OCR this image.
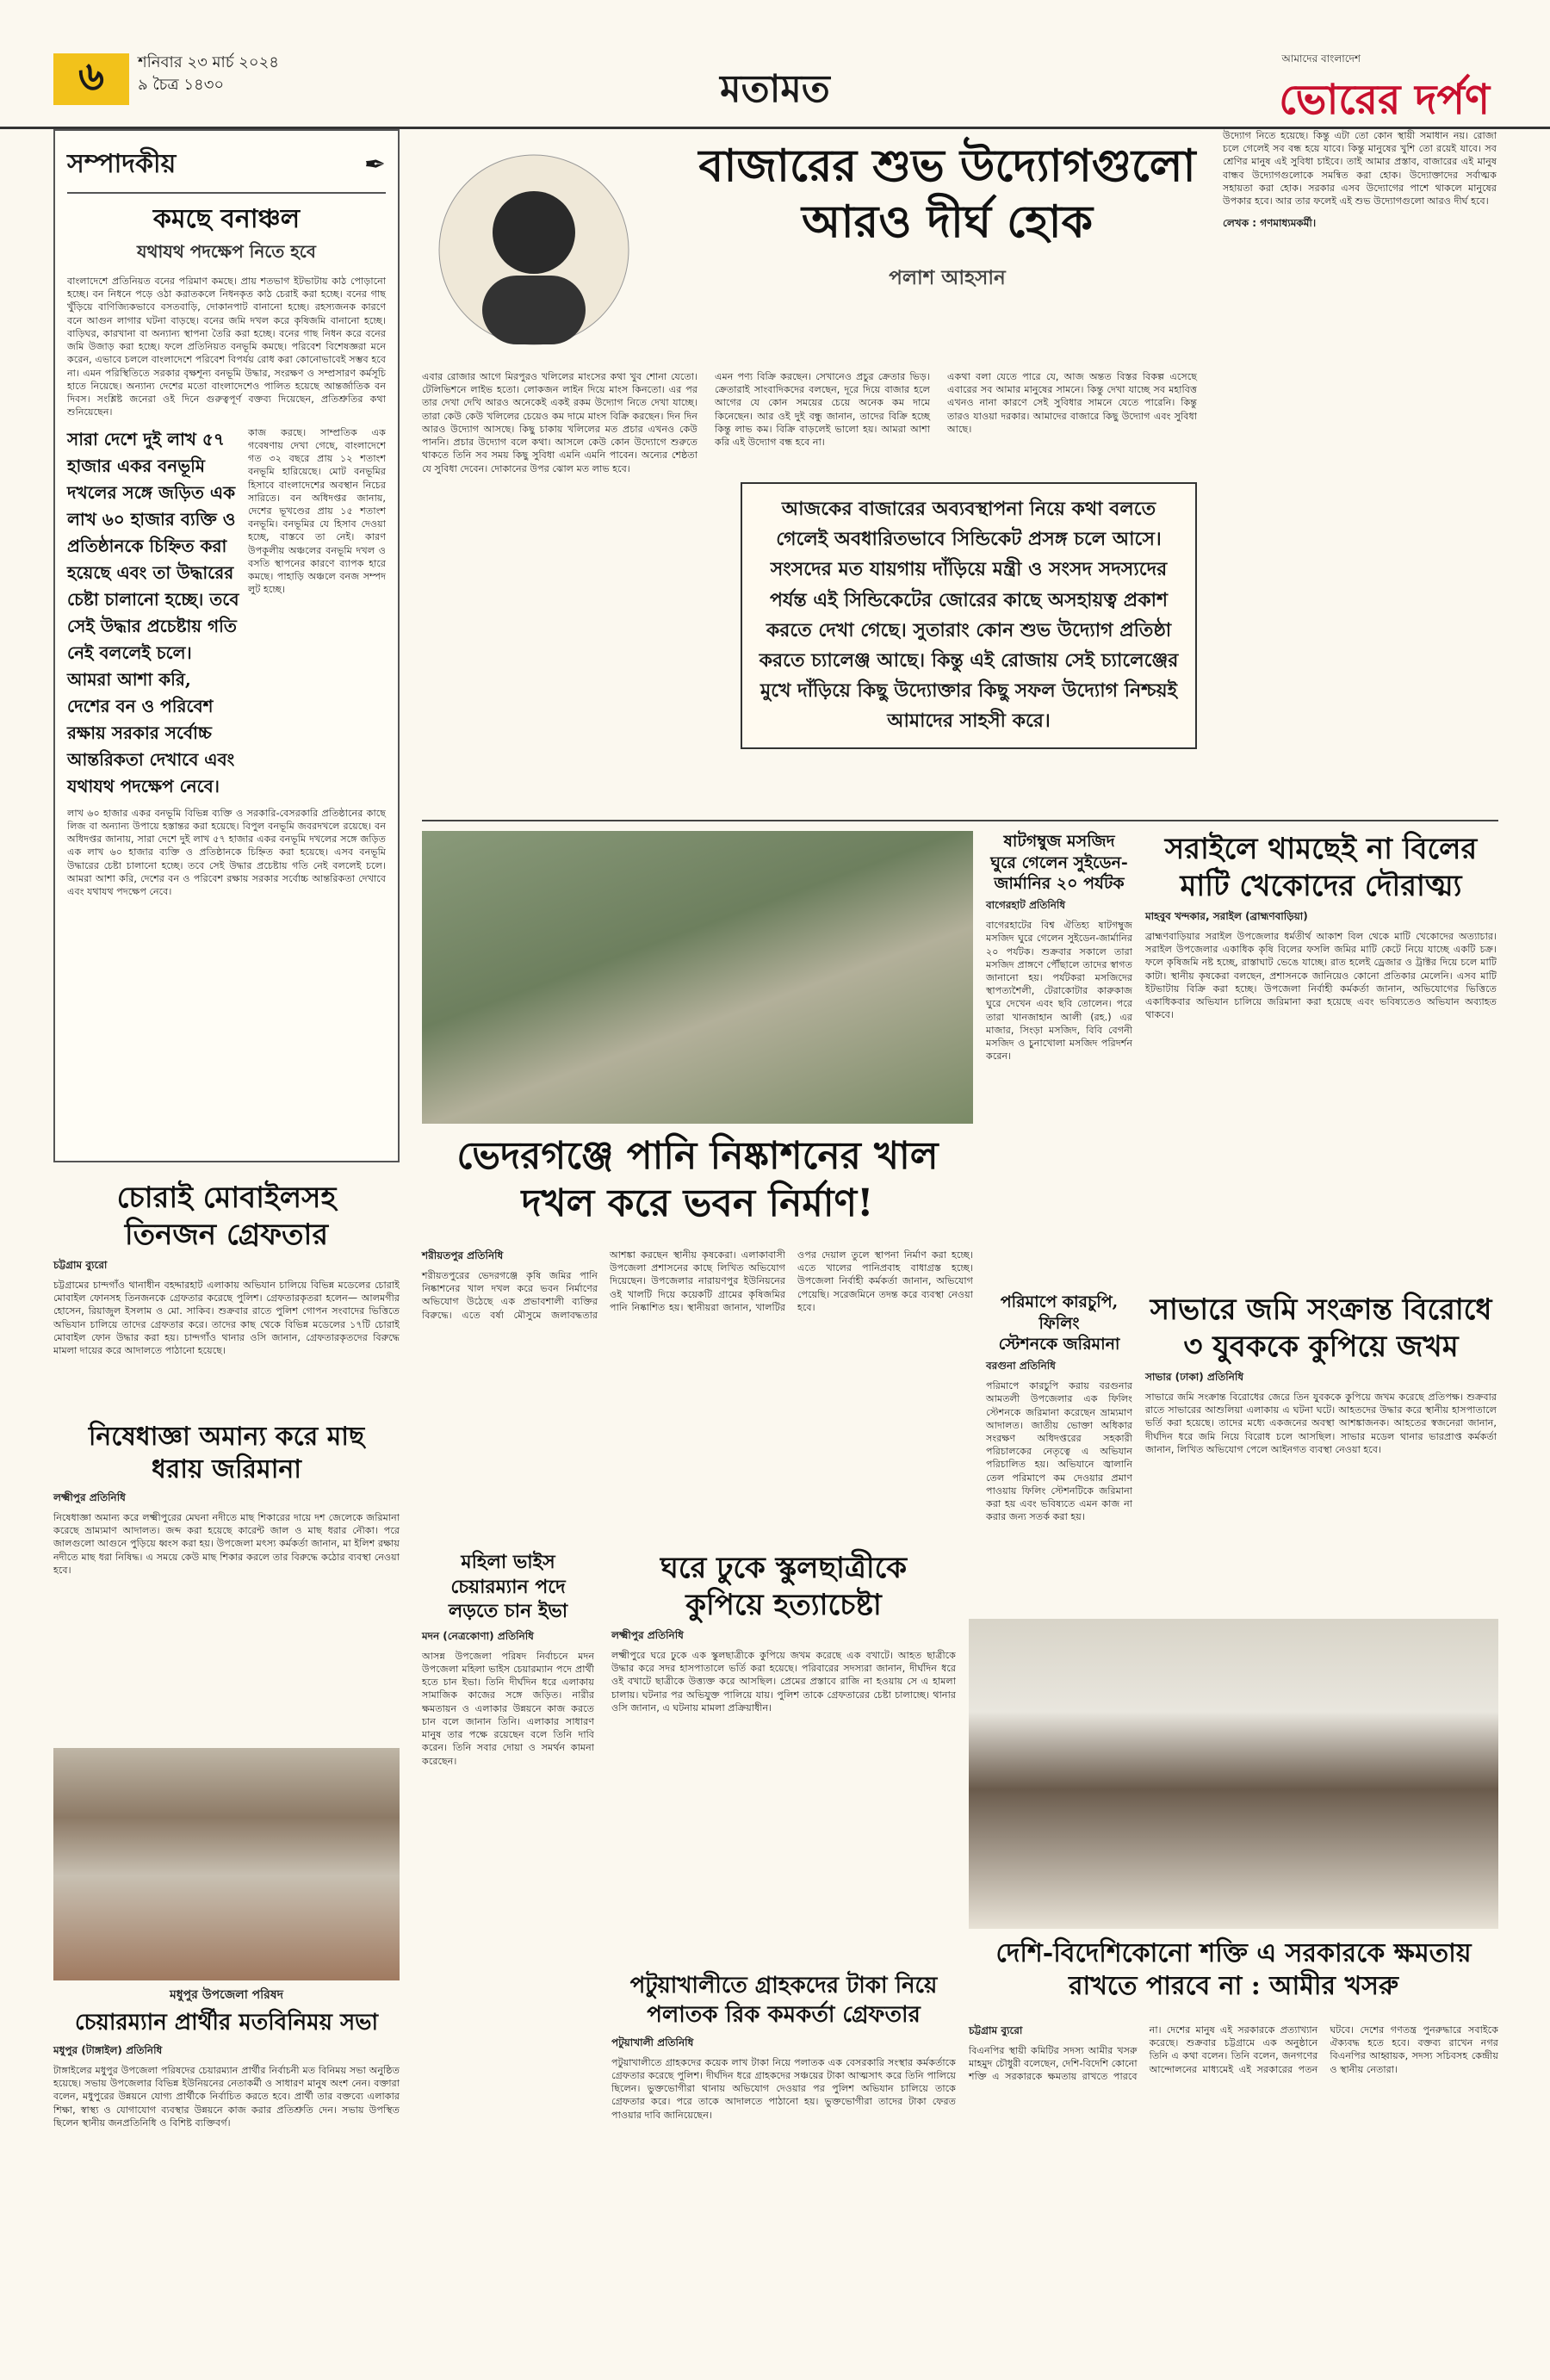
৬	শনিবার ২৩ মার্চ ২০২৪
৯ চৈত্র ১৪৩০	মতামত
আমাদের বাংলাদেশ
ভোরের দর্পণ
সম্পাদকীয়	✒
কমছে বনাঞ্চল
যথাযথ পদক্ষেপ নিতে হবে

বাংলাদেশে প্রতিনিয়ত বনের পরিমাণ কমছে। প্রায় শতভাগ ইটভাটায় কাঠ পোড়ানো হচ্ছে। বন নিধনে পড়ে ওঠা করাতকলে নিধনকৃত কাঠ চেরাই করা হচ্ছে। বনের গাছ খুঁড়িয়ে বাণিজ্যিকভাবে বসতবাড়ি, দোকানপাট বানানো হচ্ছে। রহস্যজনক কারণে বনে আগুন লাগার ঘটনা বাড়ছে। বনের জমি দখল করে কৃষিজমি বানানো হচ্ছে। বাড়িঘর, কারখানা বা অন্যান্য স্থাপনা তৈরি করা হচ্ছে। বনের গাছ নিধন করে বনের জমি উজাড় করা হচ্ছে। ফলে প্রতিনিয়ত বনভূমি কমছে। পরিবেশ বিশেষজ্ঞরা মনে করেন, এভাবে চললে বাংলাদেশে পরিবেশ বিপর্যয় রোধ করা কোনোভাবেই সম্ভব হবে না। এমন পরিস্থিতিতে সরকার বৃক্ষশূন্য বনভূমি উদ্ধার, সংরক্ষণ ও সম্প্রসারণ কর্মসূচি হাতে নিয়েছে। অন্যান্য দেশের মতো বাংলাদেশেও পালিত হয়েছে আন্তর্জাতিক বন দিবস। সংশ্লিষ্ট জনেরা ওই দিনে গুরুত্বপূর্ণ বক্তব্য দিয়েছেন, প্রতিশ্রুতির কথা শুনিয়েছেন।

সারা দেশে দুই লাখ ৫৭ হাজার একর বনভূমি দখলের সঙ্গে জড়িত এক লাখ ৬০ হাজার ব্যক্তি ও প্রতিষ্ঠানকে চিহ্নিত করা হয়েছে এবং তা উদ্ধারের চেষ্টা চালানো হচ্ছে। তবে সেই উদ্ধার প্রচেষ্টায় গতি নেই বললেই চলে। আমরা আশা করি, দেশের বন ও পরিবেশ রক্ষায় সরকার সর্বোচ্চ আন্তরিকতা দেখাবে এবং যথাযথ পদক্ষেপ নেবে।

কাজ করছে। সাম্প্রতিক এক গবেষণায় দেখা গেছে, বাংলাদেশে গত ৩২ বছরে প্রায় ১২ শতাংশ বনভূমি হারিয়েছে। মোট বনভূমির হিসাবে বাংলাদেশের অবস্থান নিচের সারিতে। বন অধিদপ্তর জানায়, দেশের ভূখণ্ডের প্রায় ১৫ শতাংশ বনভূমি। বনভূমির যে হিসাব দেওয়া হচ্ছে, বাস্তবে তা নেই। কারণ উপকূলীয় অঞ্চলের বনভূমি দখল ও বসতি স্থাপনের কারণে ব্যাপক হারে কমছে। পাহাড়ি অঞ্চলে বনজ সম্পদ লুট হচ্ছে।

লাখ ৬০ হাজার একর বনভূমি বিভিন্ন ব্যক্তি ও সরকারি-বেসরকারি প্রতিষ্ঠানের কাছে লিজ বা অন্যান্য উপায়ে হস্তান্তর করা হয়েছে। বিপুল বনভূমি জবরদখলে রয়েছে। বন অধিদপ্তর জানায়, সারা দেশে দুই লাখ ৫৭ হাজার একর বনভূমি দখলের সঙ্গে জড়িত এক লাখ ৬০ হাজার ব্যক্তি ও প্রতিষ্ঠানকে চিহ্নিত করা হয়েছে। এসব বনভূমি উদ্ধারের চেষ্টা চালানো হচ্ছে। তবে সেই উদ্ধার প্রচেষ্টায় গতি নেই বললেই চলে। আমরা আশা করি, দেশের বন ও পরিবেশ রক্ষায় সরকার সর্বোচ্চ আন্তরিকতা দেখাবে এবং যথাযথ পদক্ষেপ নেবে।

বাজারের শুভ উদ্যোগগুলো
আরও দীর্ঘ হোক
পলাশ আহসান

এবার রোজার আগে মিরপুরও খলিলের মাংসের কথা খুব শোনা যেতো। টেলিভিশনে লাইভ হতো। লোকজন লাইন দিয়ে মাংস কিনতো। এর পর তার দেখা দেখি আরও অনেকেই একই রকম উদ্যোগ নিতে দেখা যাচ্ছে। তারা কেউ কেউ খলিলের চেয়েও কম দামে মাংস বিক্রি করছেন। দিন দিন আরও উদ্যোগ আসছে। কিছু চাকায় খলিলের মত প্রচার এখনও কেউ পাননি। প্রচার উদ্যোগ বলে কথা। আসলে কেউ কোন উদ্যোগে শুরুতে থাকতে তিনি সব সময় কিছু সুবিধা এমনি এমনি পাবেন। অন্যের শেষ্ঠতা যে সুবিধা দেবেন। দোকানের উপর ঝোল মত লাভ হবে।

এমন পণ্য বিক্রি করছেন। সেখানেও প্রচুর ক্রেতার ভিড়। ক্রেতারাই সাংবাদিকদের বলছেন, দূরে দিয়ে বাজার হলে আগের যে কোন সময়ের চেয়ে অনেক কম দামে কিনেছেন। আর ওই দুই বন্ধু জানান, তাদের বিক্রি হচ্ছে কিন্তু লাভ কম। বিক্রি বাড়লেই ভালো হয়। আমরা আশা করি এই উদ্যোগ বন্ধ হবে না।

একথা বলা যেতে পারে যে, আজ অন্তত বিস্তর বিকল্প এসেছে এবারের সব আমার মানুষের সামনে। কিন্তু দেখা যাচ্ছে সব মহাবিত্ত এখনও নানা কারণে সেই সুবিধার সামনে যেতে পারেনি। কিন্তু তারও যাওয়া দরকার। আমাদের বাজারে কিছু উদ্যোগ এবং সুবিধা আছে।

আজকের বাজারের অব্যবস্থাপনা নিয়ে কথা বলতে গেলেই অবধারিতভাবে সিন্ডিকেট প্রসঙ্গ চলে আসে। সংসদের মত যায়গায় দাঁড়িয়ে মন্ত্রী ও সংসদ সদস্যদের পর্যন্ত এই সিন্ডিকেটের জোরের কাছে অসহায়ত্ব প্রকাশ করতে দেখা গেছে। সুতারাং কোন শুভ উদ্যোগ প্রতিষ্ঠা করতে চ্যালেঞ্জ আছে। কিন্তু এই রোজায় সেই চ্যালেঞ্জের মুখে দাঁড়িয়ে কিছু উদ্যোক্তার কিছু সফল উদ্যোগ নিশ্চয়ই আমাদের সাহসী করে।

উদ্যোগ নিতে হয়েছে। কিন্তু এটা তো কোন স্থায়ী সমাধান নয়। রোজা চলে গেলেই সব বন্ধ হয়ে যাবে। কিন্তু মানুষের খুশি তো রয়েই যাবে। সব শ্রেণির মানুষ এই সুবিধা চাইবে। তাই আমার প্রস্তাব, বাজারের এই মানুষ বান্ধব উদ্যোগগুলোকে সমন্বিত করা হোক। উদ্যোক্তাদের সর্বাত্মক সহায়তা করা হোক। সরকার এসব উদ্যোগের পাশে থাকলে মানুষের উপকার হবে। আর তার ফলেই এই শুভ উদ্যোগগুলো আরও দীর্ঘ হবে।

লেখক : গণমাধ্যমকর্মী।
ভেদরগঞ্জে পানি নিষ্কাশনের খাল
দখল করে ভবন নির্মাণ!
শরীয়তপুর প্রতিনিধি

শরীয়তপুরের ভেদরগঞ্জে কৃষি জমির পানি নিষ্কাশনের খাল দখল করে ভবন নির্মাণের অভিযোগ উঠেছে এক প্রভাবশালী ব্যক্তির বিরুদ্ধে। এতে বর্ষা মৌসুমে জলাবদ্ধতার আশঙ্কা করছেন স্থানীয় কৃষকেরা। এলাকাবাসী উপজেলা প্রশাসনের কাছে লিখিত অভিযোগ দিয়েছেন। উপজেলার নারায়ণপুর ইউনিয়নের ওই খালটি দিয়ে কয়েকটি গ্রামের কৃষিজমির পানি নিষ্কাশিত হয়। স্থানীয়রা জানান, খালটির ওপর দেয়াল তুলে স্থাপনা নির্মাণ করা হচ্ছে। এতে খালের পানিপ্রবাহ বাধাগ্রস্ত হচ্ছে। উপজেলা নির্বাহী কর্মকর্তা জানান, অভিযোগ পেয়েছি। সরেজমিনে তদন্ত করে ব্যবস্থা নেওয়া হবে।

ষাটগম্বুজ মসজিদ
ঘুরে গেলেন সুইডেন-
জার্মানির ২০ পর্যটক
বাগেরহাট প্রতিনিধি

বাগেরহাটের বিশ্ব ঐতিহ্য ষাটগম্বুজ মসজিদ ঘুরে গেলেন সুইডেন-জার্মানির ২০ পর্যটক। শুক্রবার সকালে তারা মসজিদ প্রাঙ্গণে পৌঁছালে তাদের স্বাগত জানানো হয়। পর্যটকরা মসজিদের স্থাপত্যশৈলী, টেরাকোটার কারুকাজ ঘুরে দেখেন এবং ছবি তোলেন। পরে তারা খানজাহান আলী (রহ.) এর মাজার, সিংড়া মসজিদ, বিবি বেগনী মসজিদ ও চুনাখোলা মসজিদ পরিদর্শন করেন।

পরিমাপে কারচুপি, ফিলিং
স্টেশনকে জরিমানা
বরগুনা প্রতিনিধি

পরিমাপে কারচুপি করায় বরগুনার আমতলী উপজেলার এক ফিলিং স্টেশনকে জরিমানা করেছেন ভ্রাম্যমাণ আদালত। জাতীয় ভোক্তা অধিকার সংরক্ষণ অধিদপ্তরের সহকারী পরিচালকের নেতৃত্বে এ অভিযান পরিচালিত হয়। অভিযানে জ্বালানি তেল পরিমাপে কম দেওয়ার প্রমাণ পাওয়ায় ফিলিং স্টেশনটিকে জরিমানা করা হয় এবং ভবিষ্যতে এমন কাজ না করার জন্য সতর্ক করা হয়।

সরাইলে থামছেই না বিলের
মাটি খেকোদের দৌরাত্ম্য
মাহবুব খন্দকার, সরাইল (ব্রাহ্মণবাড়িয়া)

ব্রাহ্মণবাড়িয়ার সরাইল উপজেলার ধর্মতীর্থ আকাশ বিল থেকে মাটি খেকোদের অত্যাচার। সরাইল উপজেলার একাধিক কৃষি বিলের ফসলি জমির মাটি কেটে নিয়ে যাচ্ছে একটি চক্র। ফলে কৃষিজমি নষ্ট হচ্ছে, রাস্তাঘাট ভেঙে যাচ্ছে। রাত হলেই ড্রেজার ও ট্রাক্টর দিয়ে চলে মাটি কাটা। স্থানীয় কৃষকেরা বলছেন, প্রশাসনকে জানিয়েও কোনো প্রতিকার মেলেনি। এসব মাটি ইটভাটায় বিক্রি করা হচ্ছে। উপজেলা নির্বাহী কর্মকর্তা জানান, অভিযোগের ভিত্তিতে একাধিকবার অভিযান চালিয়ে জরিমানা করা হয়েছে এবং ভবিষ্যতেও অভিযান অব্যাহত থাকবে।

সাভারে জমি সংক্রান্ত বিরোধে
৩ যুবককে কুপিয়ে জখম
সাভার (ঢাকা) প্রতিনিধি

সাভারে জমি সংক্রান্ত বিরোধের জেরে তিন যুবককে কুপিয়ে জখম করেছে প্রতিপক্ষ। শুক্রবার রাতে সাভারের আশুলিয়া এলাকায় এ ঘটনা ঘটে। আহতদের উদ্ধার করে স্থানীয় হাসপাতালে ভর্তি করা হয়েছে। তাদের মধ্যে একজনের অবস্থা আশঙ্কাজনক। আহতের স্বজনেরা জানান, দীর্ঘদিন ধরে জমি নিয়ে বিরোধ চলে আসছিল। সাভার মডেল থানার ভারপ্রাপ্ত কর্মকর্তা জানান, লিখিত অভিযোগ পেলে আইনগত ব্যবস্থা নেওয়া হবে।

দেশি-বিদেশিকোনো শক্তি এ সরকারকে ক্ষমতায়
রাখতে পারবে না : আমীর খসরু
চট্টগ্রাম ব্যুরো

বিএনপির স্থায়ী কমিটির সদস্য আমীর খসরু মাহমুদ চৌধুরী বলেছেন, দেশি-বিদেশি কোনো শক্তি এ সরকারকে ক্ষমতায় রাখতে পারবে না। দেশের মানুষ এই সরকারকে প্রত্যাখ্যান করেছে। শুক্রবার চট্টগ্রামে এক অনুষ্ঠানে তিনি এ কথা বলেন। তিনি বলেন, জনগণের আন্দোলনের মাধ্যমেই এই সরকারের পতন ঘটবে। দেশের গণতন্ত্র পুনরুদ্ধারে সবাইকে ঐক্যবদ্ধ হতে হবে। বক্তব্য রাখেন নগর বিএনপির আহ্বায়ক, সদস্য সচিবসহ কেন্দ্রীয় ও স্থানীয় নেতারা।

চোরাই মোবাইলসহ
তিনজন গ্রেফতার
চট্টগ্রাম ব্যুরো

চট্টগ্রামের চান্দগাঁও থানাধীন বহদ্দারহাট এলাকায় অভিযান চালিয়ে বিভিন্ন মডেলের চোরাই মোবাইল ফোনসহ তিনজনকে গ্রেফতার করেছে পুলিশ। গ্রেফতারকৃতরা হলেন— আলমগীর হোসেন, রিয়াজুল ইসলাম ও মো. সাকিব। শুক্রবার রাতে পুলিশ গোপন সংবাদের ভিত্তিতে অভিযান চালিয়ে তাদের গ্রেফতার করে। তাদের কাছ থেকে বিভিন্ন মডেলের ১৭টি চোরাই মোবাইল ফোন উদ্ধার করা হয়। চান্দগাঁও থানার ওসি জানান, গ্রেফতারকৃতদের বিরুদ্ধে মামলা দায়ের করে আদালতে পাঠানো হয়েছে।

নিষেধাজ্ঞা অমান্য করে মাছ
ধরায় জরিমানা
লক্ষ্মীপুর প্রতিনিধি

নিষেধাজ্ঞা অমান্য করে লক্ষ্মীপুরের মেঘনা নদীতে মাছ শিকারের দায়ে দশ জেলেকে জরিমানা করেছে ভ্রাম্যমাণ আদালত। জব্দ করা হয়েছে কারেন্ট জাল ও মাছ ধরার নৌকা। পরে জালগুলো আগুনে পুড়িয়ে ধ্বংস করা হয়। উপজেলা মৎস্য কর্মকর্তা জানান, মা ইলিশ রক্ষায় নদীতে মাছ ধরা নিষিদ্ধ। এ সময়ে কেউ মাছ শিকার করলে তার বিরুদ্ধে কঠোর ব্যবস্থা নেওয়া হবে।

মধুপুর উপজেলা পরিষদ
চেয়ারম্যান প্রার্থীর মতবিনিময় সভা
মধুপুর (টাঙ্গাইল) প্রতিনিধি

টাঙ্গাইলের মধুপুর উপজেলা পরিষদের চেয়ারম্যান প্রার্থীর নির্বাচনী মত বিনিময় সভা অনুষ্ঠিত হয়েছে। সভায় উপজেলার বিভিন্ন ইউনিয়নের নেতাকর্মী ও সাধারণ মানুষ অংশ নেন। বক্তারা বলেন, মধুপুরের উন্নয়নে যোগ্য প্রার্থীকে নির্বাচিত করতে হবে। প্রার্থী তার বক্তব্যে এলাকার শিক্ষা, স্বাস্থ্য ও যোগাযোগ ব্যবস্থার উন্নয়নে কাজ করার প্রতিশ্রুতি দেন। সভায় উপস্থিত ছিলেন স্থানীয় জনপ্রতিনিধি ও বিশিষ্ট ব্যক্তিবর্গ।

মহিলা ভাইস
চেয়ারম্যান পদে
লড়তে চান ইভা
মদন (নেত্রকোণা) প্রতিনিধি

আসন্ন উপজেলা পরিষদ নির্বাচনে মদন উপজেলা মহিলা ভাইস চেয়ারম্যান পদে প্রার্থী হতে চান ইভা। তিনি দীর্ঘদিন ধরে এলাকায় সামাজিক কাজের সঙ্গে জড়িত। নারীর ক্ষমতায়ন ও এলাকার উন্নয়নে কাজ করতে চান বলে জানান তিনি। এলাকার সাধারণ মানুষ তার পক্ষে রয়েছেন বলে তিনি দাবি করেন। তিনি সবার দোয়া ও সমর্থন কামনা করেছেন।

ঘরে ঢুকে স্কুলছাত্রীকে
কুপিয়ে হত্যাচেষ্টা
লক্ষ্মীপুর প্রতিনিধি

লক্ষ্মীপুরে ঘরে ঢুকে এক স্কুলছাত্রীকে কুপিয়ে জখম করেছে এক বখাটে। আহত ছাত্রীকে উদ্ধার করে সদর হাসপাতালে ভর্তি করা হয়েছে। পরিবারের সদস্যরা জানান, দীর্ঘদিন ধরে ওই বখাটে ছাত্রীকে উত্ত্যক্ত করে আসছিল। প্রেমের প্রস্তাবে রাজি না হওয়ায় সে এ হামলা চালায়। ঘটনার পর অভিযুক্ত পালিয়ে যায়। পুলিশ তাকে গ্রেফতারের চেষ্টা চালাচ্ছে। থানার ওসি জানান, এ ঘটনায় মামলা প্রক্রিয়াধীন।

পটুয়াখালীতে গ্রাহকদের টাকা নিয়ে
পলাতক রিক কমকর্তা গ্রেফতার
পটুয়াখালী প্রতিনিধি

পটুয়াখালীতে গ্রাহকদের কয়েক লাখ টাকা নিয়ে পলাতক এক বেসরকারি সংস্থার কর্মকর্তাকে গ্রেফতার করেছে পুলিশ। দীর্ঘদিন ধরে গ্রাহকদের সঞ্চয়ের টাকা আত্মসাৎ করে তিনি পালিয়ে ছিলেন। ভুক্তভোগীরা থানায় অভিযোগ দেওয়ার পর পুলিশ অভিযান চালিয়ে তাকে গ্রেফতার করে। পরে তাকে আদালতে পাঠানো হয়। ভুক্তভোগীরা তাদের টাকা ফেরত পাওয়ার দাবি জানিয়েছেন।
